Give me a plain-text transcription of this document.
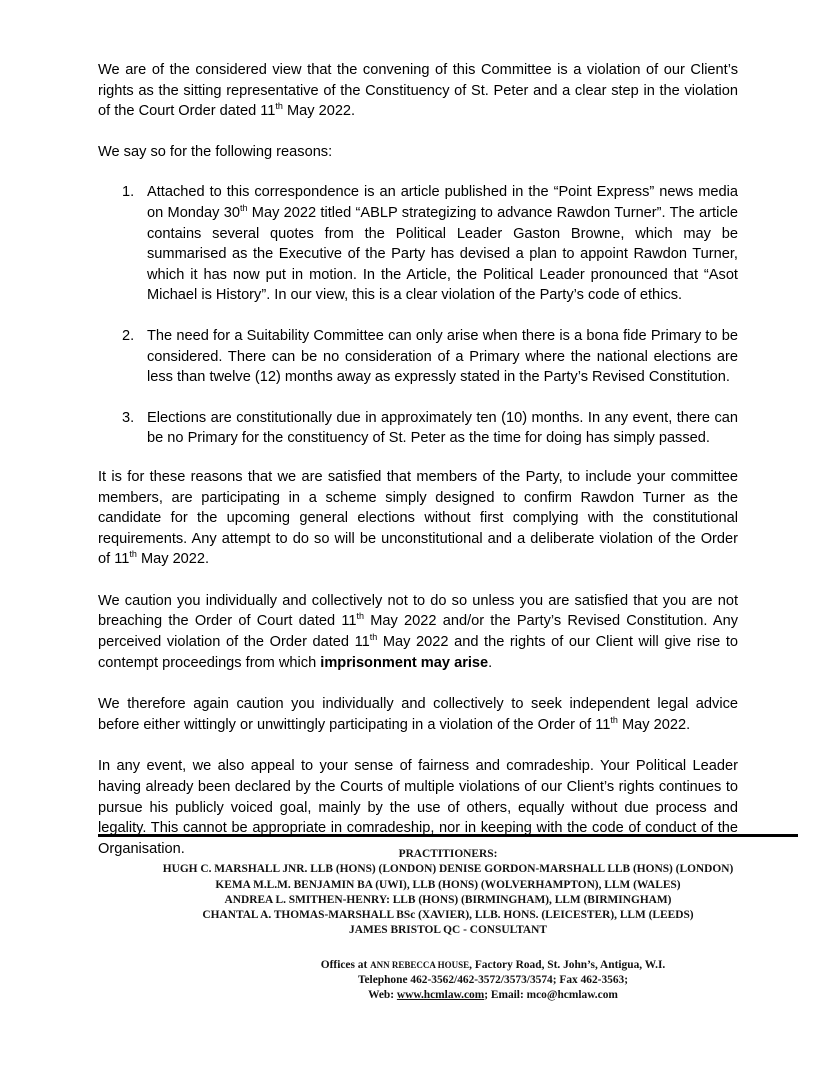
We are of the considered view that the convening of this Committee is a violation of our Client’s rights as the sitting representative of the Constituency of St. Peter and a clear step in the violation of the Court Order dated 11th May 2022.

We say so for the following reasons:

1. Attached to this correspondence is an article published in the “Point Express” news media on Monday 30th May 2022 titled “ABLP strategizing to advance Rawdon Turner”. The article contains several quotes from the Political Leader Gaston Browne, which may be summarised as the Executive of the Party has devised a plan to appoint Rawdon Turner, which it has now put in motion. In the Article, the Political Leader pronounced that “Asot Michael is History”. In our view, this is a clear violation of the Party’s code of ethics.
2. The need for a Suitability Committee can only arise when there is a bona fide Primary to be considered. There can be no consideration of a Primary where the national elections are less than twelve (12) months away as expressly stated in the Party’s Revised Constitution.
3. Elections are constitutionally due in approximately ten (10) months. In any event, there can be no Primary for the constituency of St. Peter as the time for doing has simply passed.

It is for these reasons that we are satisfied that members of the Party, to include your committee members, are participating in a scheme simply designed to confirm Rawdon Turner as the candidate for the upcoming general elections without first complying with the constitutional requirements. Any attempt to do so will be unconstitutional and a deliberate violation of the Order of 11th May 2022.

We caution you individually and collectively not to do so unless you are satisfied that you are not breaching the Order of Court dated 11th May 2022 and/or the Party’s Revised Constitution. Any perceived violation of the Order dated 11th May 2022 and the rights of our Client will give rise to contempt proceedings from which imprisonment may arise.

We therefore again caution you individually and collectively to seek independent legal advice before either wittingly or unwittingly participating in a violation of the Order of 11th May 2022.

In any event, we also appeal to your sense of fairness and comradeship. Your Political Leader having already been declared by the Courts of multiple violations of our Client’s rights continues to pursue his publicly voiced goal, mainly by the use of others, equally without due process and legality. This cannot be appropriate in comradeship, nor in keeping with the code of conduct of the Organisation.	PRACTITIONERS:
HUGH C. MARSHALL JNR. LLB (HONS) (LONDON) DENISE GORDON-MARSHALL LLB (HONS) (LONDON)
KEMA M.L.M. BENJAMIN BA (UWI), LLB (HONS) (WOLVERHAMPTON), LLM (WALES)
ANDREA L. SMITHEN-HENRY: LLB (HONS) (BIRMINGHAM), LLM (BIRMINGHAM)
CHANTAL A. THOMAS-MARSHALL BSc (XAVIER), LLB. HONS. (LEICESTER), LLM (LEEDS)
JAMES BRISTOL QC - CONSULTANT
Offices at ANN REBECCA HOUSE, Factory Road, St. John’s, Antigua, W.I.
Telephone 462-3562/462-3572/3573/3574; Fax 462-3563;
Web: www.hcmlaw.com; Email: mco@hcmlaw.com
